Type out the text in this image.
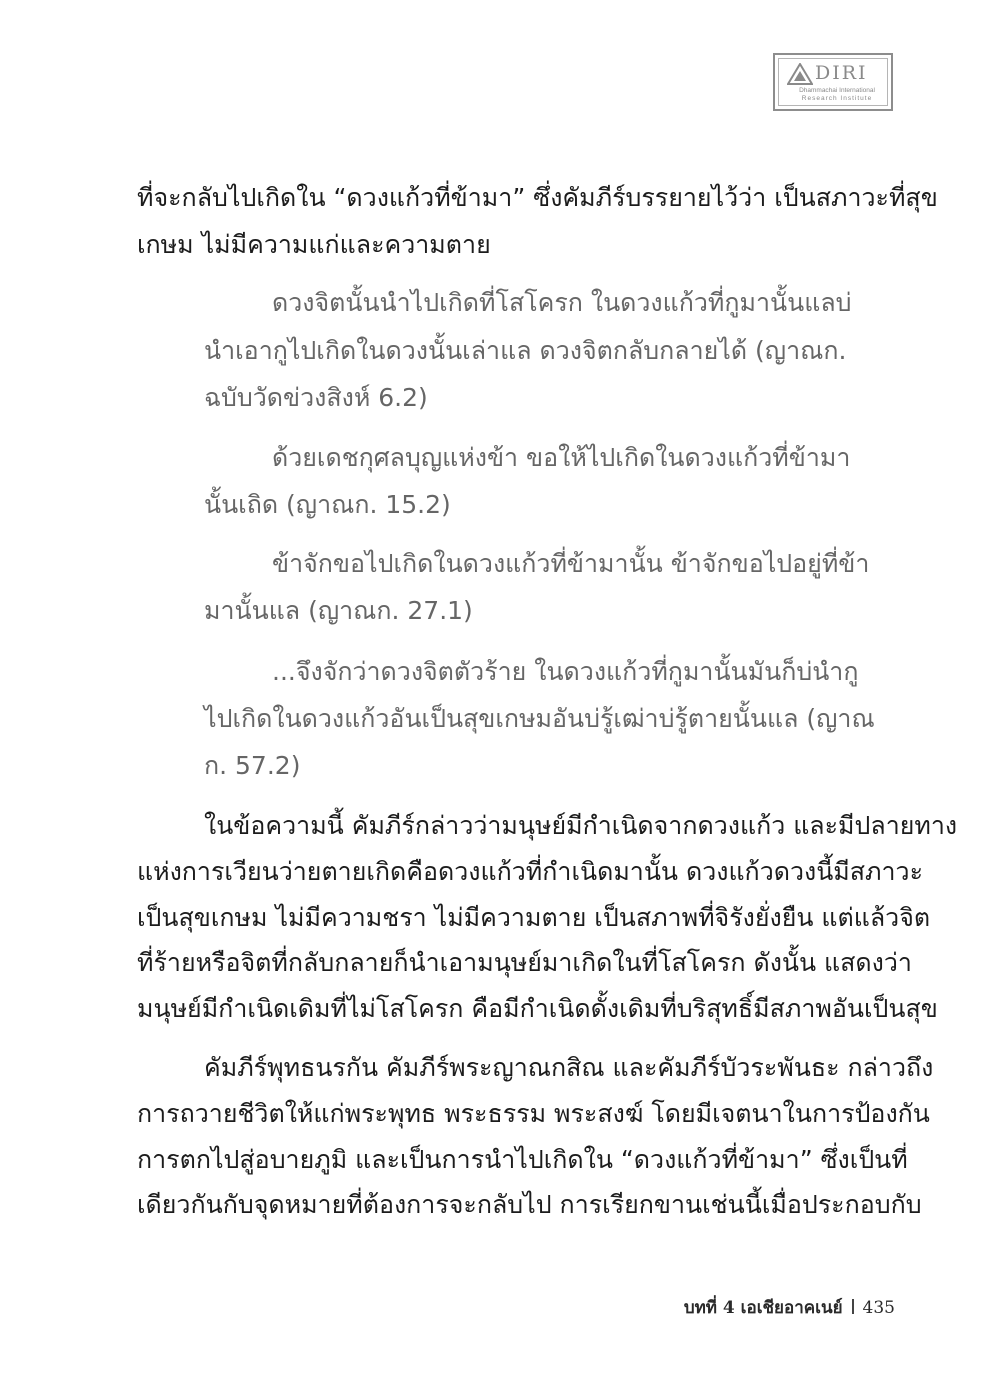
DIRI
Dhammachai International
Research Institute

ที่จะกลับไปเกิดใน “ดวงแก้วที่ข้ามา” ซึ่งคัมภีร์บรรยายไว้ว่า เป็นสภาวะที่สุข

เกษม ไม่มีความแก่และความตาย

ดวงจิตนั้นนำไปเกิดที่โสโครก ในดวงแก้วที่กูมานั้นแลบ่

นำเอากูไปเกิดในดวงนั้นเล่าแล ดวงจิตกลับกลายได้ (ญาณก.

ฉบับวัดข่วงสิงห์ 6.2)

ด้วยเดชกุศลบุญแห่งข้า ขอให้ไปเกิดในดวงแก้วที่ข้ามา

นั้นเถิด (ญาณก. 15.2)

ข้าจักขอไปเกิดในดวงแก้วที่ข้ามานั้น ข้าจักขอไปอยู่ที่ข้า

มานั้นแล (ญาณก. 27.1)

...จึงจักว่าดวงจิตตัวร้าย ในดวงแก้วที่กูมานั้นมันก็บ่นำกู

ไปเกิดในดวงแก้วอันเป็นสุขเกษมอันบ่รู้เฒ่าบ่รู้ตายนั้นแล (ญาณ

ก. 57.2)

ในข้อความนี้ คัมภีร์กล่าวว่ามนุษย์มีกำเนิดจากดวงแก้ว และมีปลายทาง

แห่งการเวียนว่ายตายเกิดคือดวงแก้วที่กำเนิดมานั้น ดวงแก้วดวงนี้มีสภาวะ

เป็นสุขเกษม ไม่มีความชรา ไม่มีความตาย เป็นสภาพที่จิรังยั่งยืน แต่แล้วจิต

ที่ร้ายหรือจิตที่กลับกลายก็นำเอามนุษย์มาเกิดในที่โสโครก ดังนั้น แสดงว่า

มนุษย์มีกำเนิดเดิมที่ไม่โสโครก คือมีกำเนิดดั้งเดิมที่บริสุทธิ์มีสภาพอันเป็นสุข

คัมภีร์พุทธนรกัน คัมภีร์พระญาณกสิณ และคัมภีร์บัวระพันธะ กล่าวถึง

การถวายชีวิตให้แก่พระพุทธ พระธรรม พระสงฆ์ โดยมีเจตนาในการป้องกัน

การตกไปสู่อบายภูมิ และเป็นการนำไปเกิดใน “ดวงแก้วที่ข้ามา” ซึ่งเป็นที่

เดียวกันกับจุดหมายที่ต้องการจะกลับไป การเรียกขานเช่นนี้เมื่อประกอบกับ

บทที่ 4 เอเชียอาคเนย์ 435
